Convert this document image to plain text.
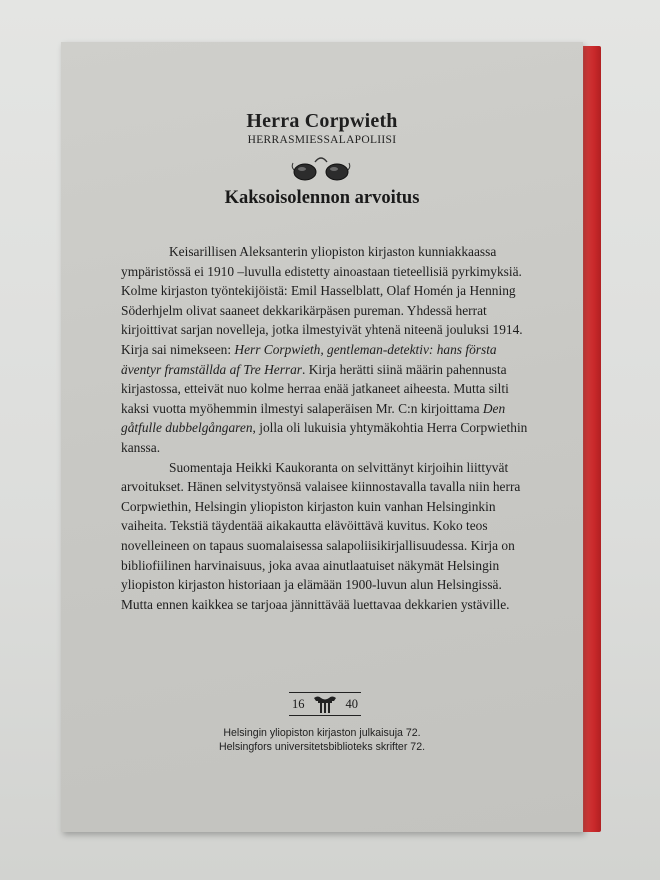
Herra Corpwieth
HERRASMIESSALAPOLIISI
Kaksoisolennon arvoitus

Keisarillisen Aleksanterin yliopiston kirjaston kunniakkaassa ympäristössä ei 1910 –luvulla edistetty ainoastaan tieteellisiä pyrkimyksiä. Kolme kirjaston työntekijöistä: Emil Hasselblatt, Olaf Homén ja Henning Söderhjelm olivat saaneet dekkarikärpäsen pureman. Yhdessä herrat kirjoittivat sarjan novelleja, jotka ilmestyivät yhtenä niteenä jouluksi 1914. Kirja sai nimekseen: Herr Corpwieth, gentleman-detektiv: hans första äventyr framställda af Tre Herrar. Kirja herätti siinä määrin pahennusta kirjastossa, etteivät nuo kolme herraa enää jatkaneet aiheesta. Mutta silti kaksi vuotta myöhemmin ilmestyi salaperäisen Mr. C:n kirjoittama Den gåtfulle dubbelgångaren, jolla oli lukuisia yhtymäkohtia Herra Corpwiethin kanssa.

Suomentaja Heikki Kaukoranta on selvittänyt kirjoihin liittyvät arvoitukset. Hänen selvitystyönsä valaisee kiinnostavalla tavalla niin herra Corpwiethin, Helsingin yliopiston kirjaston kuin vanhan Helsinginkin vaiheita. Tekstiä täydentää aikakautta elävöittävä kuvitus. Koko teos novelleineen on tapaus suomalaisessa salapoliisikirjallisuudessa. Kirja on bibliofiilinen harvinaisuus, joka avaa ainutlaatuiset näkymät Helsingin yliopiston kirjaston historiaan ja elämään 1900-luvun alun Helsingissä. Mutta ennen kaikkea se tarjoaa jännittävää luettavaa dekkarien ystäville.

16	40
Helsingin yliopiston kirjaston julkaisuja 72.
Helsingfors universitetsbiblioteks skrifter 72.
